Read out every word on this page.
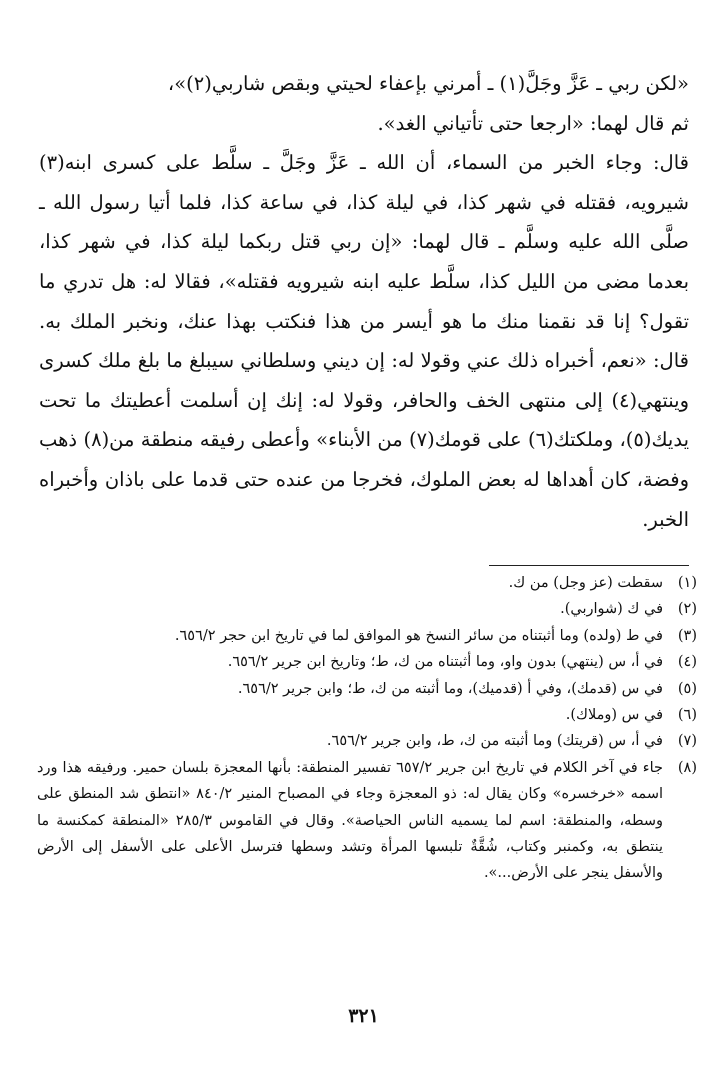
«لكن ربي ـ عَزَّ وجَلَّ(١) ـ أمرني بإعفاء لحيتي وبقص شاربي(٢)»،

ثم قال لهما: «ارجعا حتى تأتياني الغد».

قال: وجاء الخبر من السماء، أن الله ـ عَزَّ وجَلَّ ـ سلَّط على كسرى ابنه(٣) شيرويه، فقتله في شهر كذا، في ليلة كذا، في ساعة كذا، فلما أتيا رسول الله ـ صلَّى الله عليه وسلَّم ـ قال لهما: «إن ربي قتل ربكما ليلة كذا، في شهر كذا، بعدما مضى من الليل كذا، سلَّط عليه ابنه شيرويه فقتله»، فقالا له: هل تدري ما تقول؟ إنا قد نقمنا منك ما هو أيسر من هذا فنكتب بهذا عنك، ونخبر الملك به. قال: «نعم، أخبراه ذلك عني وقولا له: إن ديني وسلطاني سيبلغ ما بلغ ملك كسرى وينتهي(٤) إلى منتهى الخف والحافر، وقولا له: إنك إن أسلمت أعطيتك ما تحت يديك(٥)، وملكتك(٦) على قومك(٧) من الأبناء» وأعطى رفيقه منطقة من(٨) ذهب وفضة، كان أهداها له بعض الملوك، فخرجا من عنده حتى قدما على باذان وأخبراه الخبر.

(١)
سقطت (عز وجل) من ك.
(٢)
في ك (شواربي).
(٣)
في ط (ولده) وما أثبتناه من سائر النسخ هو الموافق لما في تاريخ ابن حجر ٦٥٦/٢.
(٤)
في أ، س (ينتهي) بدون واو، وما أثبتناه من ك، ط؛ وتاريخ ابن جرير ٦٥٦/٢.
(٥)
في س (قدمك)، وفي أ (قدميك)، وما أثبته من ك، ط؛ وابن جرير ٦٥٦/٢.
(٦)
في س (وملاك).
(٧)
في أ، س (قريتك) وما أثبته من ك، ط، وابن جرير ٦٥٦/٢.
(٨)
جاء في آخر الكلام في تاريخ ابن جرير ٦٥٧/٢ تفسير المنطقة: بأنها المعجزة بلسان حمير. ورفيقه هذا ورد اسمه «خرخسره» وكان يقال له: ذو المعجزة وجاء في المصباح المنير ٨٤٠/٢ «انتطق شد المنطق على وسطه، والمنطقة: اسم لما يسميه الناس الحياصة». وقال في القاموس ٢٨٥/٣ «المنطقة كمكنسة ما ينتطق به، وكمنبر وكتاب، شُقَّةٌ تلبسها المرأة وتشد وسطها فترسل الأعلى على الأسفل إلى الأرض والأسفل ينجر على الأرض...».
٣٢١
